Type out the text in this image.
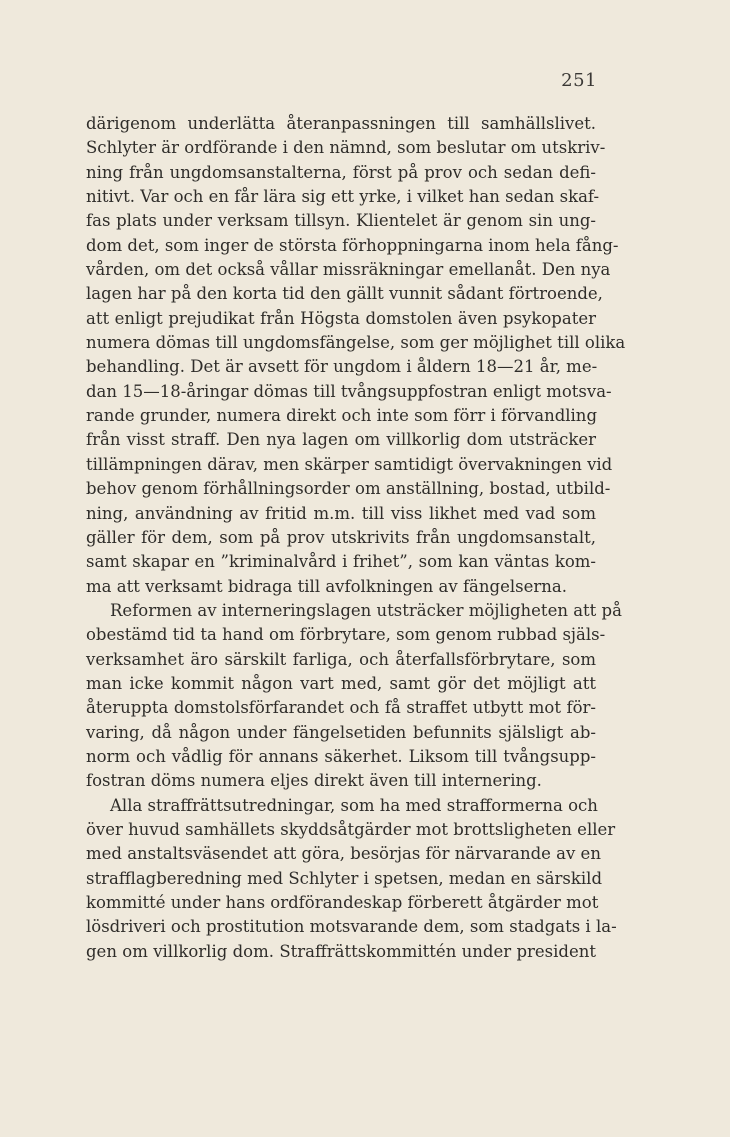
251
därigenom underlätta återanpassningen till samhällslivet.
Schlyter är ordförande i den nämnd, som beslutar om utskriv-
ning från ungdomsanstalterna, först på prov och sedan defi-
nitivt. Var och en får lära sig ett yrke, i vilket han sedan skaf-
fas plats under verksam tillsyn. Klientelet är genom sin ung-
dom det, som inger de största förhoppningarna inom hela fång-
vården, om det också vållar missräkningar emellanåt. Den nya
lagen har på den korta tid den gällt vunnit sådant förtroende,
att enligt prejudikat från Högsta domstolen även psykopater
numera dömas till ungdomsfängelse, som ger möjlighet till olika
behandling. Det är avsett för ungdom i åldern 18—21 år, me-
dan 15—18-åringar dömas till tvångsuppfostran enligt motsva-
rande grunder, numera direkt och inte som förr i förvandling
från visst straff. Den nya lagen om villkorlig dom utsträcker
tillämpningen därav, men skärper samtidigt övervakningen vid
behov genom förhållningsorder om anställning, bostad, utbild-
ning, användning av fritid m.m. till viss likhet med vad som
gäller för dem, som på prov utskrivits från ungdomsanstalt,
samt skapar en ”kriminalvård i frihet”, som kan väntas kom-
ma att verksamt bidraga till avfolkningen av fängelserna.
Reformen av interneringslagen utsträcker möjligheten att på
obestämd tid ta hand om förbrytare, som genom rubbad själs-
verksamhet äro särskilt farliga, och återfallsförbrytare, som
man icke kommit någon vart med, samt gör det möjligt att
återuppta domstolsförfarandet och få straffet utbytt mot för-
varing, då någon under fängelsetiden befunnits själsligt ab-
norm och vådlig för annans säkerhet. Liksom till tvångsupp-
fostran döms numera eljes direkt även till internering.
Alla straffrättsutredningar, som ha med strafformerna och
över huvud samhällets skyddsåtgärder mot brottsligheten eller
med anstaltsväsendet att göra, besörjas för närvarande av en
strafflagberedning med Schlyter i spetsen, medan en särskild
kommitté under hans ordförandeskap förberett åtgärder mot
lösdriveri och prostitution motsvarande dem, som stadgats i la-
gen om villkorlig dom. Straffrättskommittén under president
